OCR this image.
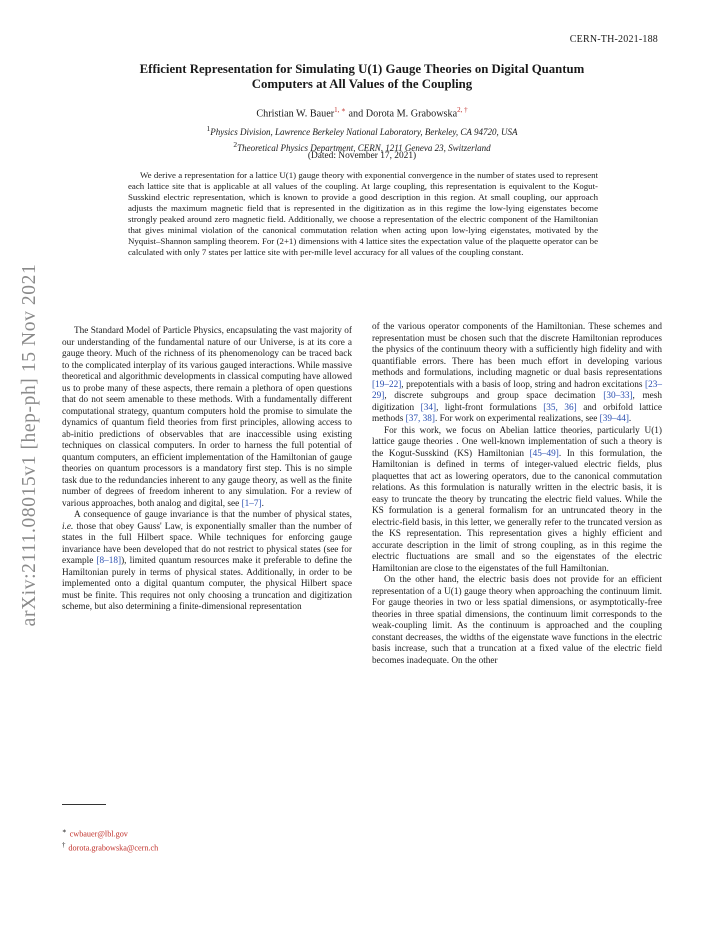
CERN-TH-2021-188
arXiv:2111.08015v1 [hep-ph] 15 Nov 2021
Efficient Representation for Simulating U(1) Gauge Theories on Digital Quantum
Computers at All Values of the Coupling
Christian W. Bauer$^{1, ∗}$ and Dorota M. Grabowska$^{2, \dagger}$
$^1$Physics Division, Lawrence Berkeley National Laboratory, Berkeley, CA 94720, USA
$^2$Theoretical Physics Department, CERN, 1211 Geneva 23, Switzerland
(Dated: November 17, 2021)
We derive a representation for a lattice U(1) gauge theory with exponential convergence in the number of states used to represent each lattice site that is applicable at all values of the coupling. At large coupling, this representation is equivalent to the Kogut-Susskind electric representation, which is known to provide a good description in this region. At small coupling, our approach adjusts the maximum magnetic field that is represented in the digitization as in this regime the low-lying eigenstates become strongly peaked around zero magnetic field. Additionally, we choose a representation of the electric component of the Hamiltonian that gives minimal violation of the canonical commutation relation when acting upon low-lying eigenstates, motivated by the Nyquist–Shannon sampling theorem. For (2+1) dimensions with 4 lattice sites the expectation value of the plaquette operator can be calculated with only 7 states per lattice site with per-mille level accuracy for all values of the coupling constant.

The Standard Model of Particle Physics, encapsulating the vast majority of our understanding of the fundamental nature of our Universe, is at its core a gauge theory. Much of the richness of its phenomenology can be traced back to the complicated interplay of its various gauged interactions. While massive theoretical and algorithmic developments in classical computing have allowed us to probe many of these aspects, there remain a plethora of open questions that do not seem amenable to these methods. With a fundamentally different computational strategy, quantum computers hold the promise to simulate the dynamics of quantum field theories from first principles, allowing access to ab-initio predictions of observables that are inaccessible using existing techniques on classical computers. In order to harness the full potential of quantum computers, an efficient implementation of the Hamiltonian of gauge theories on quantum processors is a mandatory first step. This is no simple task due to the redundancies inherent to any gauge theory, as well as the finite number of degrees of freedom inherent to any simulation. For a review of various approaches, both analog and digital, see [1–7].

A consequence of gauge invariance is that the number of physical states, i.e. those that obey Gauss' Law, is exponentially smaller than the number of states in the full Hilbert space. While techniques for enforcing gauge invariance have been developed that do not restrict to physical states (see for example [8–18]), limited quantum resources make it preferable to define the Hamiltonian purely in terms of physical states. Additionally, in order to be implemented onto a digital quantum computer, the physical Hilbert space must be finite. This requires not only choosing a truncation and digitization scheme, but also determining a finite-dimensional representation

of the various operator components of the Hamiltonian. These schemes and representation must be chosen such that the discrete Hamiltonian reproduces the physics of the continuum theory with a sufficiently high fidelity and with quantifiable errors. There has been much effort in developing various methods and formulations, including magnetic or dual basis representations [19–22], prepotentials with a basis of loop, string and hadron excitations [23–29], discrete subgroups and group space decimation [30–33], mesh digitization [34], light-front formulations [35, 36] and orbifold lattice methods [37, 38]. For work on experimental realizations, see [39–44].

For this work, we focus on Abelian lattice theories, particularly U(1) lattice gauge theories . One well-known implementation of such a theory is the Kogut-Susskind (KS) Hamiltonian [45–49]. In this formulation, the Hamiltonian is defined in terms of integer-valued electric fields, plus plaquettes that act as lowering operators, due to the canonical commutation relations. As this formulation is naturally written in the electric basis, it is easy to truncate the theory by truncating the electric field values. While the KS formulation is a general formalism for an untruncated theory in the electric-field basis, in this letter, we generally refer to the truncated version as the KS representation. This representation gives a highly efficient and accurate description in the limit of strong coupling, as in this regime the electric fluctuations are small and so the eigenstates of the electric Hamiltonian are close to the eigenstates of the full Hamiltonian.

On the other hand, the electric basis does not provide for an efficient representation of a U(1) gauge theory when approaching the continuum limit. For gauge theories in two or less spatial dimensions, or asymptotically-free theories in three spatial dimensions, the continuum limit corresponds to the weak-coupling limit. As the continuum is approached and the coupling constant decreases, the widths of the eigenstate wave functions in the electric basis increase, such that a truncation at a fixed value of the electric field becomes inadequate. On the other

∗ cwbauer@lbl.gov
† dorota.grabowska@cern.ch
